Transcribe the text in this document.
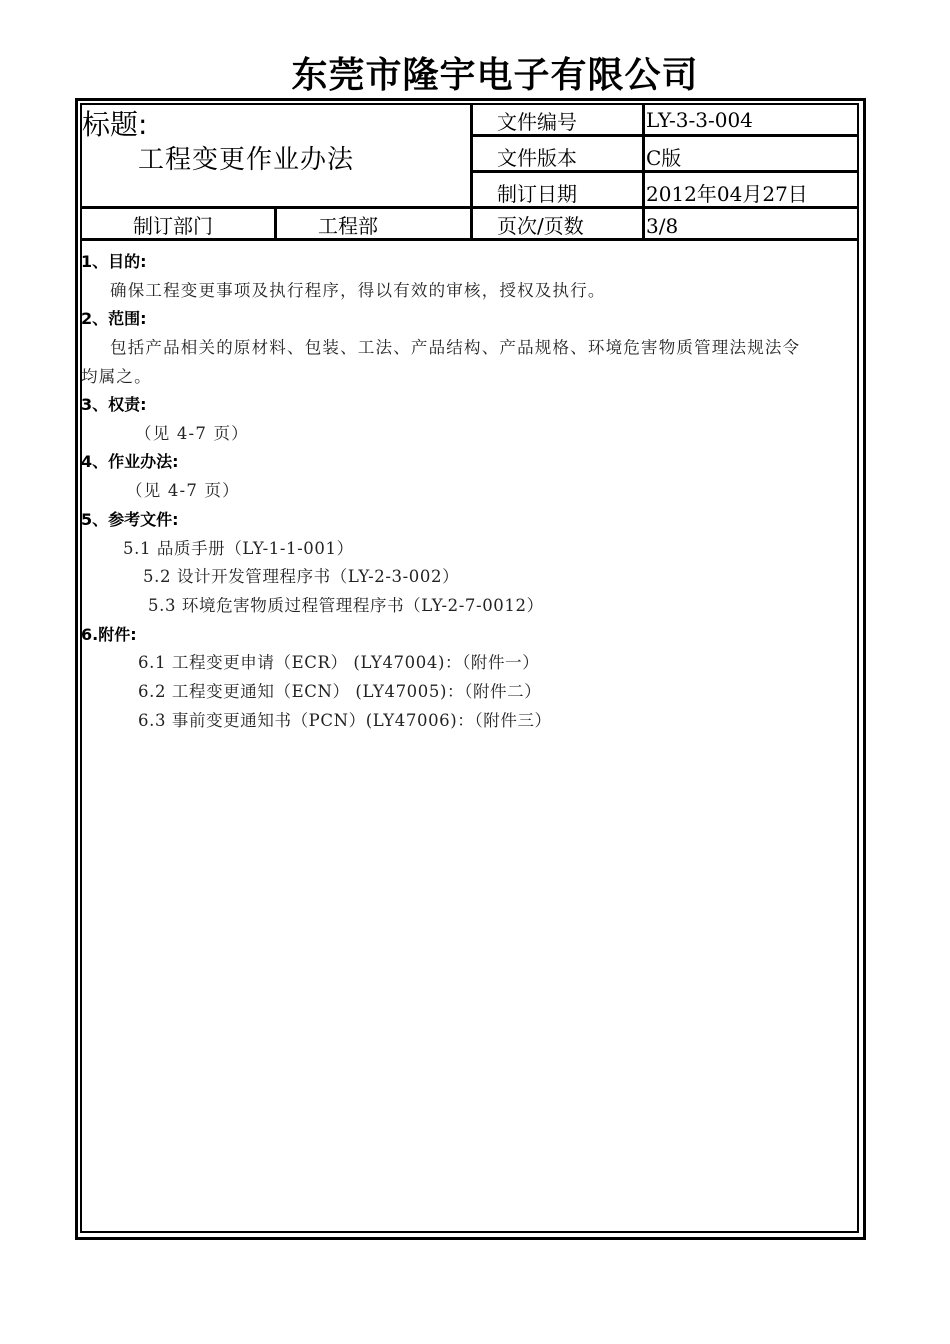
东莞市隆宇电子有限公司
标题:
工程变更作业办法
文件编号	LY-3-3-004
文件版本	C版
制订日期	2012年04月27日
页次/页数	3/8
制订部门	工程部
1、目的:
确保工程变更事项及执行程序，得以有效的审核，授权及执行。
2、范围:
包括产品相关的原材料、包装、工法、产品结构、产品规格、环境危害物质管理法规法令
均属之。
3、权责:
（见 4-7 页）
4、作业办法:
（见 4-7 页）
5、参考文件:
5.1 品质手册（LY-1-1-001）
5.2 设计开发管理程序书（LY-2-3-002）
5.3 环境危害物质过程管理程序书（LY-2-7-0012）
6.附件:
6.1 工程变更申请（ECR） (LY47004)：（附件一）
6.2 工程变更通知（ECN） (LY47005)：（附件二）
6.3 事前变更通知书（PCN）(LY47006)：（附件三）
